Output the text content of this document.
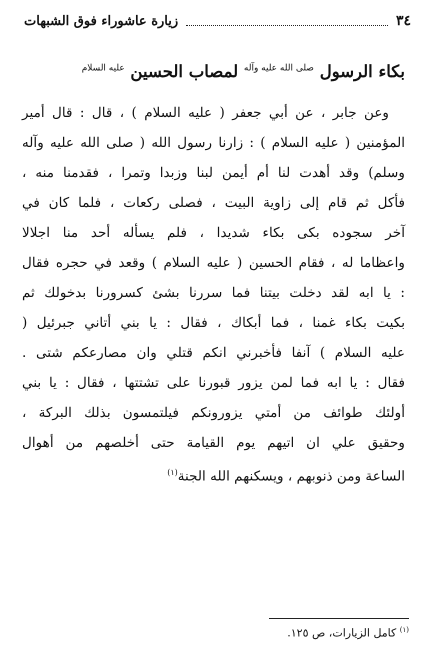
٣٤
زيارة عاشوراء فوق الشبهات
بكاء الرسول $^{صلى الله عليه وآله}$ لمصاب الحسين $^{عليه السلام}$
وعن جابر ، عن أبي جعفر ( عليه السلام ) ، قال : قال أمير
المؤمنين ( عليه السلام ) : زارنا رسول الله ( صلى الله عليه وآله
وسلم) وقد أهدت لنا أم أيمن لبنا وزبدا وتمرا ، فقدمنا منه ،
فأكل ثم قام إلى زاوية البيت ، فصلى ركعات ، فلما كان في
آخر سجوده بكى بكاء شديدا ، فلم يسأله أحد منا اجلالا
واعظاما له ، فقام الحسين ( عليه السلام ) وقعد في حجره فقال
: يا ابه لقد دخلت بيتنا فما سررنا بشئ كسرورنا بدخولك ثم
بكيت بكاء غمنا ، فما أبكاك ، فقال : يا بني أتاني جبرئيل (
عليه السلام ) آنفا فأخبرني انكم قتلي وان مصارعكم شتى .
فقال : يا ابه فما لمن يزور قبورنا على تشتتها ، فقال : يا بني
أولئك طوائف من أمتي يزورونكم فيلتمسون بذلك البركة ،
وحقيق علي ان اتيهم يوم القيامة حتى أخلصهم من أهوال
الساعة ومن ذنوبهم ، ويسكنهم الله الجنة$^{(١)}$
$^{(١)}$ كامل الزيارات، ص ١٢٥.
